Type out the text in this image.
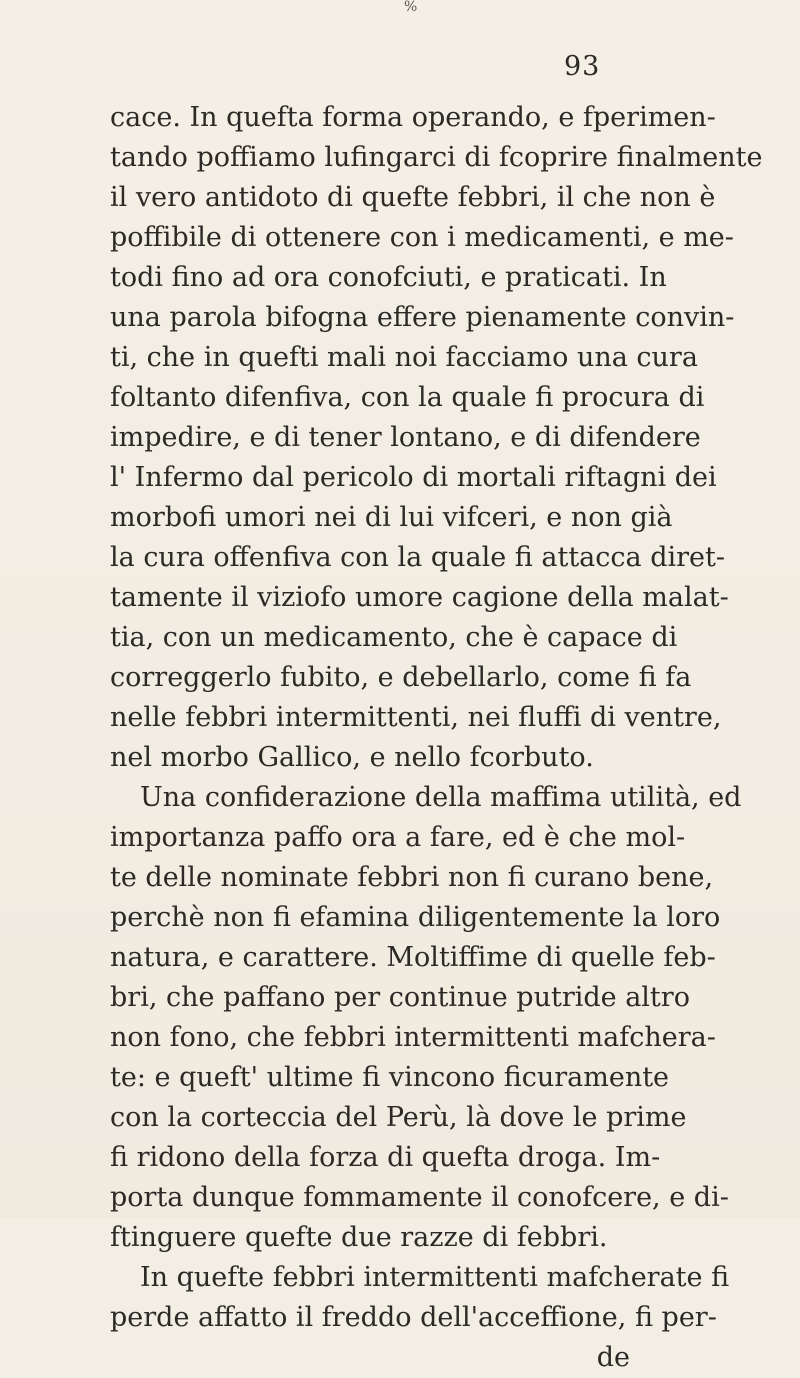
%
93
cace. In quefta forma operando, e fperimen-
tando poffiamo lufingarci di fcoprire finalmente
il vero antidoto di quefte febbri, il che non è
poffibile di ottenere con i medicamenti, e me-
todi fino ad ora conofciuti, e praticati. In
una parola bifogna effere pienamente convin-
ti, che in quefti mali noi facciamo una cura
foltanto difenfiva, con la quale fi procura di
impedire, e di tener lontano, e di difendere
l' Infermo dal pericolo di mortali riftagni dei
morbofi umori nei di lui vifceri, e non già
la cura offenfiva con la quale fi attacca diret-
tamente il viziofo umore cagione della malat-
tia, con un medicamento, che è capace di
correggerlo fubito, e debellarlo, come fi fa
nelle febbri intermittenti, nei fluffi di ventre,
nel morbo Gallico, e nello fcorbuto.
Una confiderazione della maffima utilità, ed
importanza paffo ora a fare, ed è che mol-
te delle nominate febbri non fi curano bene,
perchè non fi efamina diligentemente la loro
natura, e carattere. Moltiffime di quelle feb-
bri, che paffano per continue putride altro
non fono, che febbri intermittenti mafchera-
te: e queft' ultime fi vincono ficuramente
con la corteccia del Perù, là dove le prime
fi ridono della forza di quefta droga. Im-
porta dunque fommamente il conofcere, e di-
ftinguere quefte due razze di febbri.
In quefte febbri intermittenti mafcherate fi
perde affatto il freddo dell'acceffione, fi per-
de
